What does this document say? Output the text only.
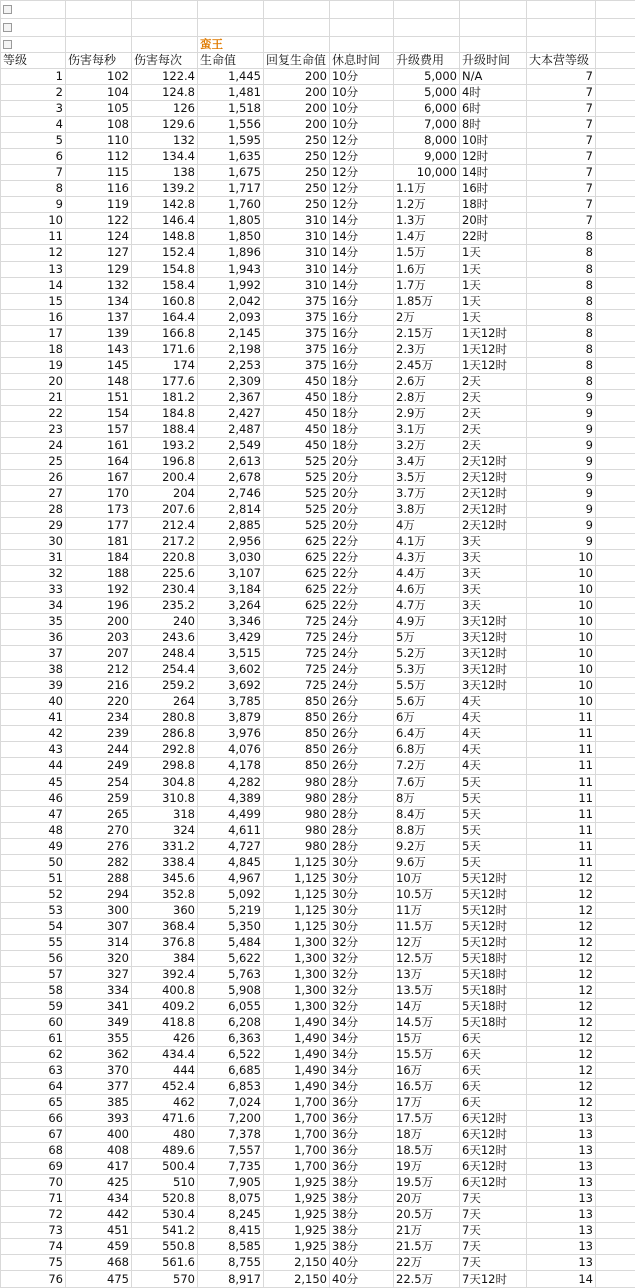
			蛮王						
等级	伤害每秒	伤害每次	生命值	回复生命值	休息时间	升级费用	升级时间	大本营等级	
1	102	122.4	1,445	200	10分	5,000	N/A	7	
2	104	124.8	1,481	200	10分	5,000	4时	7	
3	105	126	1,518	200	10分	6,000	6时	7	
4	108	129.6	1,556	200	10分	7,000	8时	7	
5	110	132	1,595	250	12分	8,000	10时	7	
6	112	134.4	1,635	250	12分	9,000	12时	7	
7	115	138	1,675	250	12分	10,000	14时	7	
8	116	139.2	1,717	250	12分	1.1万	16时	7	
9	119	142.8	1,760	250	12分	1.2万	18时	7	
10	122	146.4	1,805	310	14分	1.3万	20时	7	
11	124	148.8	1,850	310	14分	1.4万	22时	8	
12	127	152.4	1,896	310	14分	1.5万	1天	8	
13	129	154.8	1,943	310	14分	1.6万	1天	8	
14	132	158.4	1,992	310	14分	1.7万	1天	8	
15	134	160.8	2,042	375	16分	1.85万	1天	8	
16	137	164.4	2,093	375	16分	2万	1天	8	
17	139	166.8	2,145	375	16分	2.15万	1天12时	8	
18	143	171.6	2,198	375	16分	2.3万	1天12时	8	
19	145	174	2,253	375	16分	2.45万	1天12时	8	
20	148	177.6	2,309	450	18分	2.6万	2天	8	
21	151	181.2	2,367	450	18分	2.8万	2天	9	
22	154	184.8	2,427	450	18分	2.9万	2天	9	
23	157	188.4	2,487	450	18分	3.1万	2天	9	
24	161	193.2	2,549	450	18分	3.2万	2天	9	
25	164	196.8	2,613	525	20分	3.4万	2天12时	9	
26	167	200.4	2,678	525	20分	3.5万	2天12时	9	
27	170	204	2,746	525	20分	3.7万	2天12时	9	
28	173	207.6	2,814	525	20分	3.8万	2天12时	9	
29	177	212.4	2,885	525	20分	4万	2天12时	9	
30	181	217.2	2,956	625	22分	4.1万	3天	9	
31	184	220.8	3,030	625	22分	4.3万	3天	10	
32	188	225.6	3,107	625	22分	4.4万	3天	10	
33	192	230.4	3,184	625	22分	4.6万	3天	10	
34	196	235.2	3,264	625	22分	4.7万	3天	10	
35	200	240	3,346	725	24分	4.9万	3天12时	10	
36	203	243.6	3,429	725	24分	5万	3天12时	10	
37	207	248.4	3,515	725	24分	5.2万	3天12时	10	
38	212	254.4	3,602	725	24分	5.3万	3天12时	10	
39	216	259.2	3,692	725	24分	5.5万	3天12时	10	
40	220	264	3,785	850	26分	5.6万	4天	10	
41	234	280.8	3,879	850	26分	6万	4天	11	
42	239	286.8	3,976	850	26分	6.4万	4天	11	
43	244	292.8	4,076	850	26分	6.8万	4天	11	
44	249	298.8	4,178	850	26分	7.2万	4天	11	
45	254	304.8	4,282	980	28分	7.6万	5天	11	
46	259	310.8	4,389	980	28分	8万	5天	11	
47	265	318	4,499	980	28分	8.4万	5天	11	
48	270	324	4,611	980	28分	8.8万	5天	11	
49	276	331.2	4,727	980	28分	9.2万	5天	11	
50	282	338.4	4,845	1,125	30分	9.6万	5天	11	
51	288	345.6	4,967	1,125	30分	10万	5天12时	12	
52	294	352.8	5,092	1,125	30分	10.5万	5天12时	12	
53	300	360	5,219	1,125	30分	11万	5天12时	12	
54	307	368.4	5,350	1,125	30分	11.5万	5天12时	12	
55	314	376.8	5,484	1,300	32分	12万	5天12时	12	
56	320	384	5,622	1,300	32分	12.5万	5天18时	12	
57	327	392.4	5,763	1,300	32分	13万	5天18时	12	
58	334	400.8	5,908	1,300	32分	13.5万	5天18时	12	
59	341	409.2	6,055	1,300	32分	14万	5天18时	12	
60	349	418.8	6,208	1,490	34分	14.5万	5天18时	12	
61	355	426	6,363	1,490	34分	15万	6天	12	
62	362	434.4	6,522	1,490	34分	15.5万	6天	12	
63	370	444	6,685	1,490	34分	16万	6天	12	
64	377	452.4	6,853	1,490	34分	16.5万	6天	12	
65	385	462	7,024	1,700	36分	17万	6天	12	
66	393	471.6	7,200	1,700	36分	17.5万	6天12时	13	
67	400	480	7,378	1,700	36分	18万	6天12时	13	
68	408	489.6	7,557	1,700	36分	18.5万	6天12时	13	
69	417	500.4	7,735	1,700	36分	19万	6天12时	13	
70	425	510	7,905	1,925	38分	19.5万	6天12时	13	
71	434	520.8	8,075	1,925	38分	20万	7天	13	
72	442	530.4	8,245	1,925	38分	20.5万	7天	13	
73	451	541.2	8,415	1,925	38分	21万	7天	13	
74	459	550.8	8,585	1,925	38分	21.5万	7天	13	
75	468	561.6	8,755	2,150	40分	22万	7天	13	
76	475	570	8,917	2,150	40分	22.5万	7天12时	14	
